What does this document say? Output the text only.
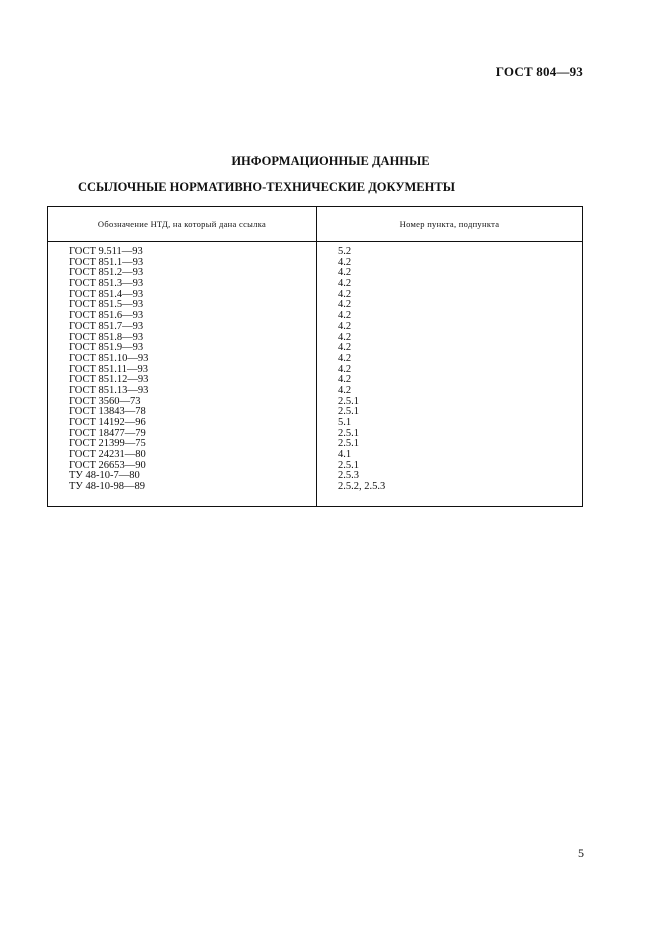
ГОСТ 804—93
ИНФОРМАЦИОННЫЕ ДАННЫЕ
ССЫЛОЧНЫЕ НОРМАТИВНО-ТЕХНИЧЕСКИЕ ДОКУМЕНТЫ
Обозначение НТД, на который дана ссылка	Номер пункта, подпункта
ГОСТ 9.511—93	5.2
ГОСТ 851.1—93	4.2
ГОСТ 851.2—93	4.2
ГОСТ 851.3—93	4.2
ГОСТ 851.4—93	4.2
ГОСТ 851.5—93	4.2
ГОСТ 851.6—93	4.2
ГОСТ 851.7—93	4.2
ГОСТ 851.8—93	4.2
ГОСТ 851.9—93	4.2
ГОСТ 851.10—93	4.2
ГОСТ 851.11—93	4.2
ГОСТ 851.12—93	4.2
ГОСТ 851.13—93	4.2
ГОСТ 3560—73	2.5.1
ГОСТ 13843—78	2.5.1
ГОСТ 14192—96	5.1
ГОСТ 18477—79	2.5.1
ГОСТ 21399—75	2.5.1
ГОСТ 24231—80	4.1
ГОСТ 26653—90	2.5.1
ТУ 48-10-7—80	2.5.3
ТУ 48-10-98—89	2.5.2, 2.5.3
5
